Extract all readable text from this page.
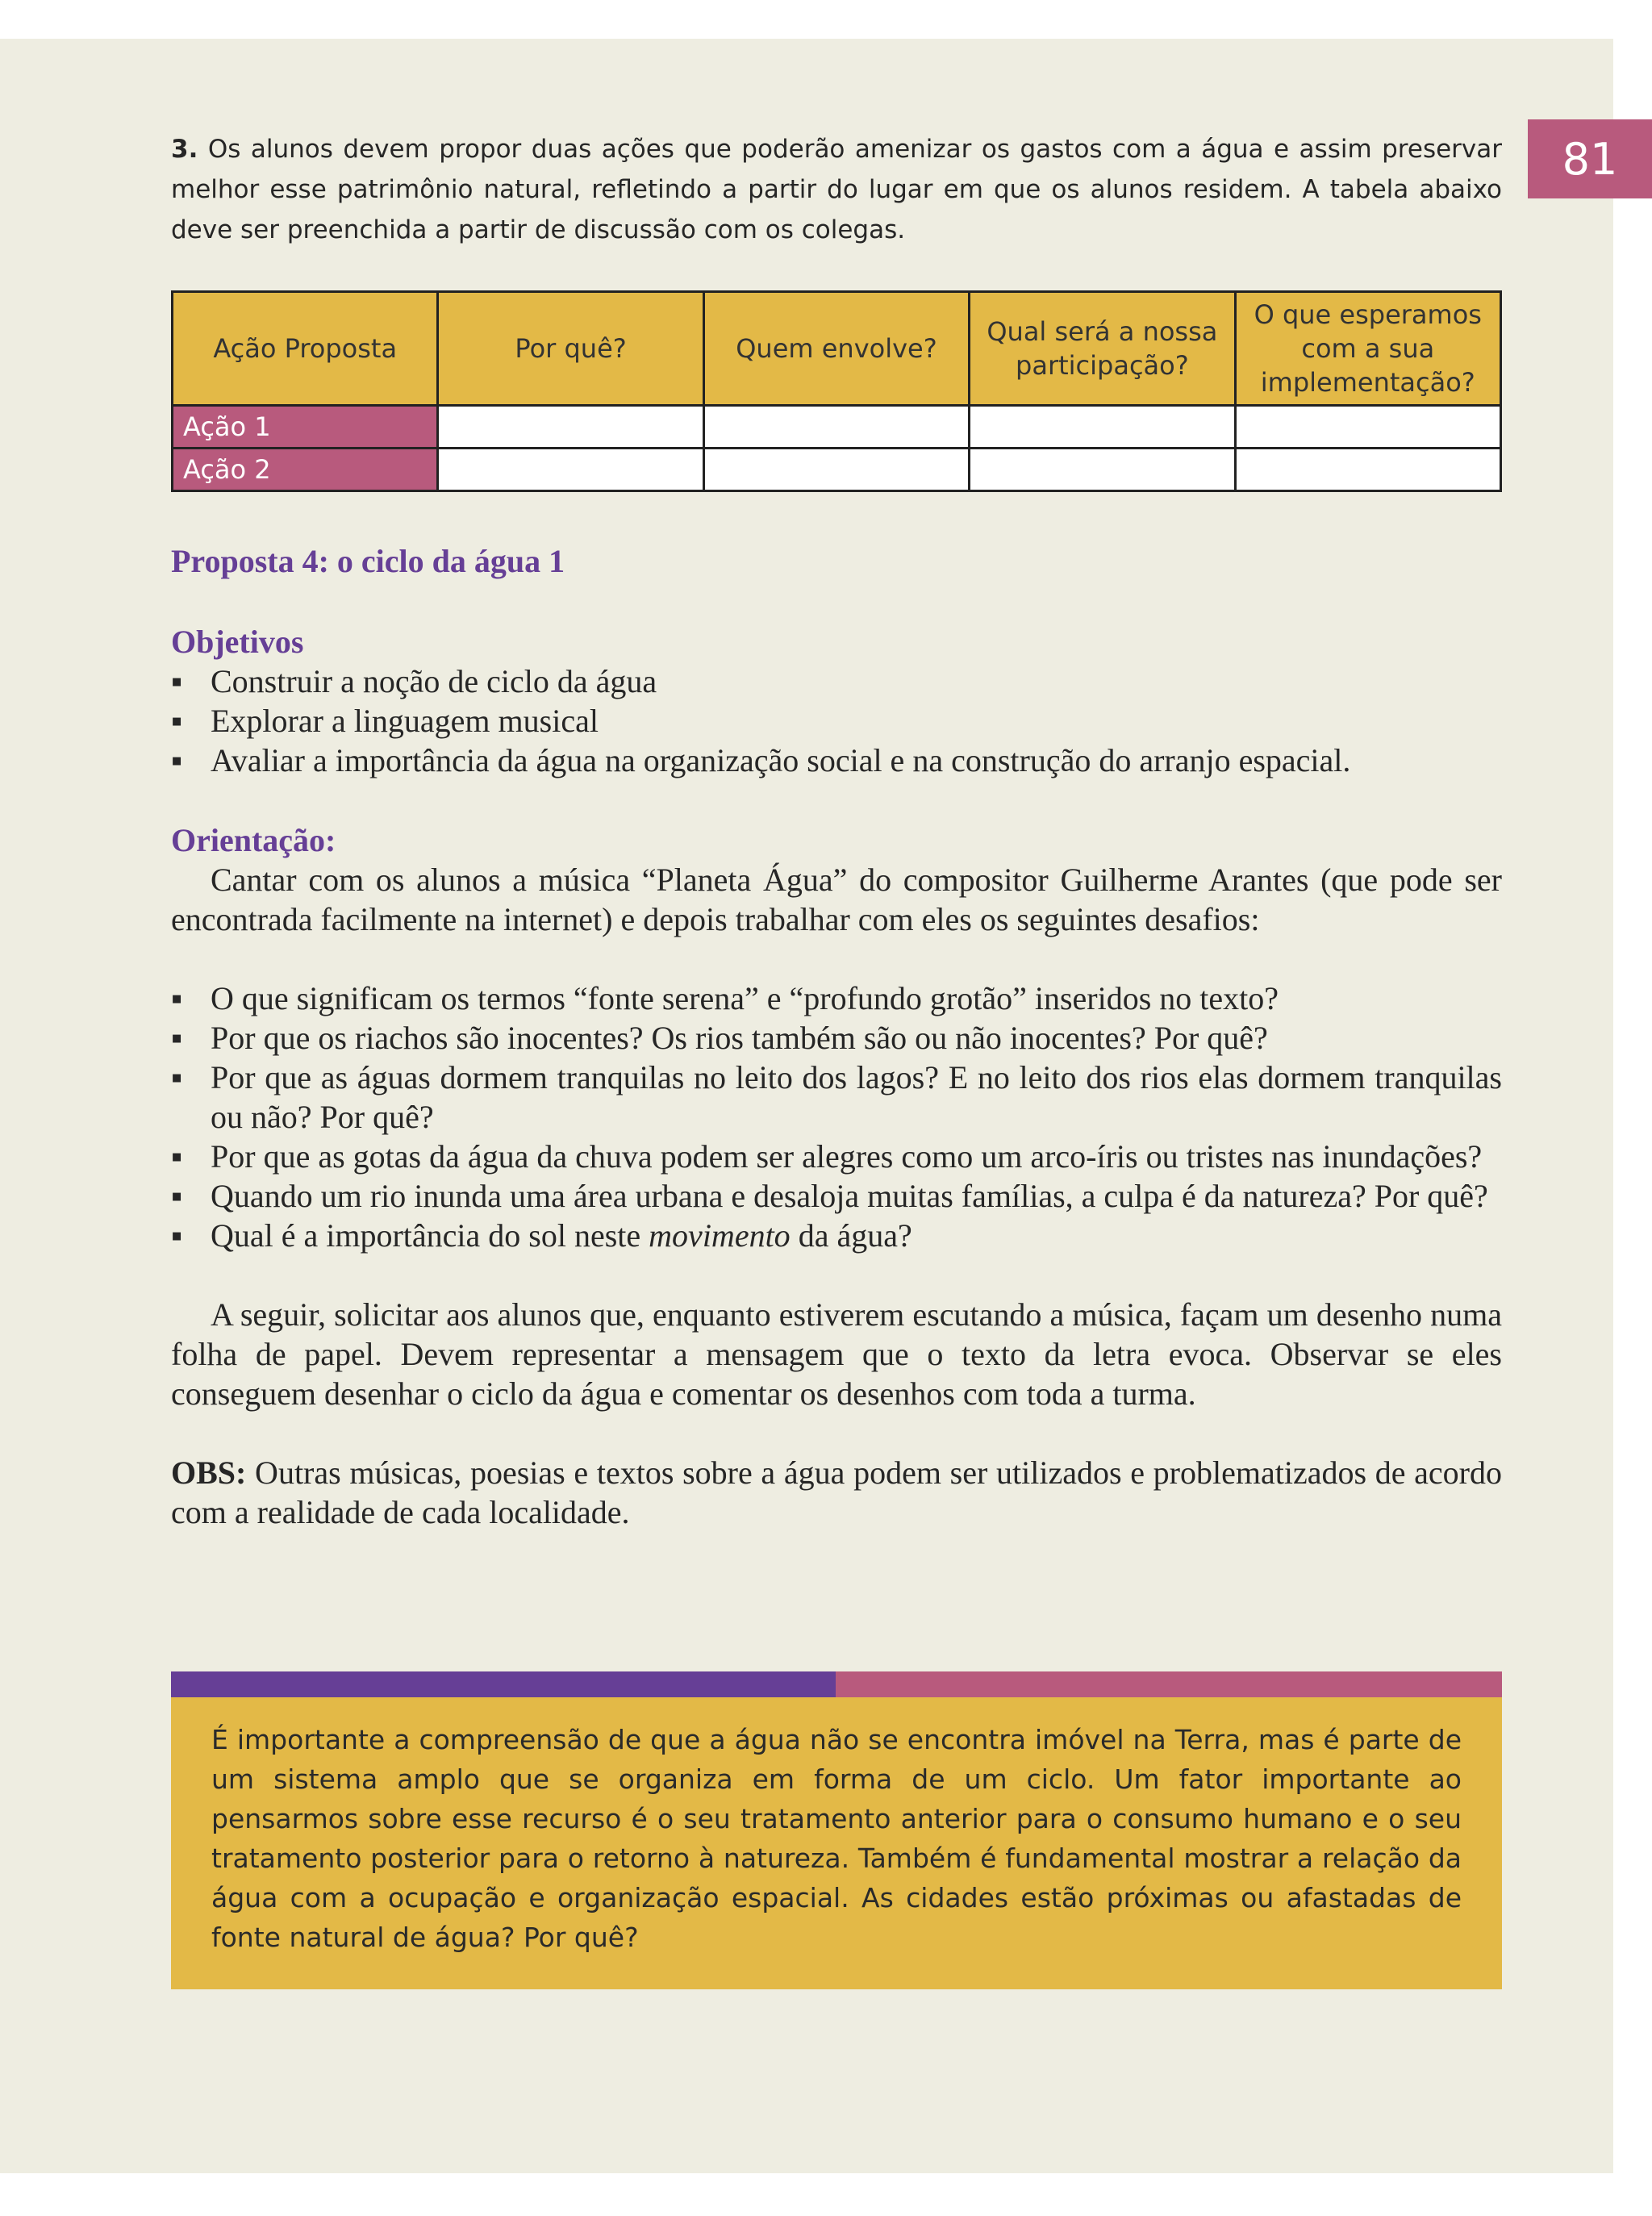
81
3. Os alunos devem propor duas ações que poderão amenizar os gastos com a água e assim preservar melhor esse patrimônio natural, refletindo a partir do lugar em que os alunos residem. A tabela abaixo deve ser preenchida a partir de discussão com os colegas.
Ação Proposta	Por quê?	Quem envolve?	Qual será a nossa participação?	O que esperamos com a sua implementação?
Ação 1				
Ação 2				
Proposta 4: o ciclo da água 1
Objetivos
▪ Construir a noção de ciclo da água
▪ Explorar a linguagem musical
▪ Avaliar a importância da água na organização social e na construção do arranjo espacial.
Orientação:

Cantar com os alunos a música “Planeta Água” do compositor Guilherme Arantes (que pode ser encontrada facilmente na internet) e depois trabalhar com eles os seguintes desafios:

▪ O que significam os termos “fonte serena” e “profundo grotão” inseridos no texto?
▪ Por que os riachos são inocentes? Os rios também são ou não inocentes? Por quê?
▪ Por que as águas dormem tranquilas no leito dos lagos? E no leito dos rios elas dormem tranquilas ou não? Por quê?
▪ Por que as gotas da água da chuva podem ser alegres como um arco-íris ou tristes nas inundações?
▪ Quando um rio inunda uma área urbana e desaloja muitas famílias, a culpa é da natureza? Por quê?
▪ Qual é a importância do sol neste movimento da água?

A seguir, solicitar aos alunos que, enquanto estiverem escutando a música, façam um desenho numa folha de papel. Devem representar a mensagem que o texto da letra evoca. Observar se eles conseguem desenhar o ciclo da água e comentar os desenhos com toda a turma.

OBS: Outras músicas, poesias e textos sobre a água podem ser utilizados e problematizados de acordo com a realidade de cada localidade.

É importante a compreensão de que a água não se encontra imóvel na Terra, mas é parte de um sistema amplo que se organiza em forma de um ciclo. Um fator importante ao pensarmos sobre esse recurso é o seu tratamento anterior para o consumo humano e o seu tratamento posterior para o retorno à natureza. Também é fundamental mostrar a relação da água com a ocupação e organização espacial. As cidades estão próximas ou afastadas de fonte natural de água? Por quê?
